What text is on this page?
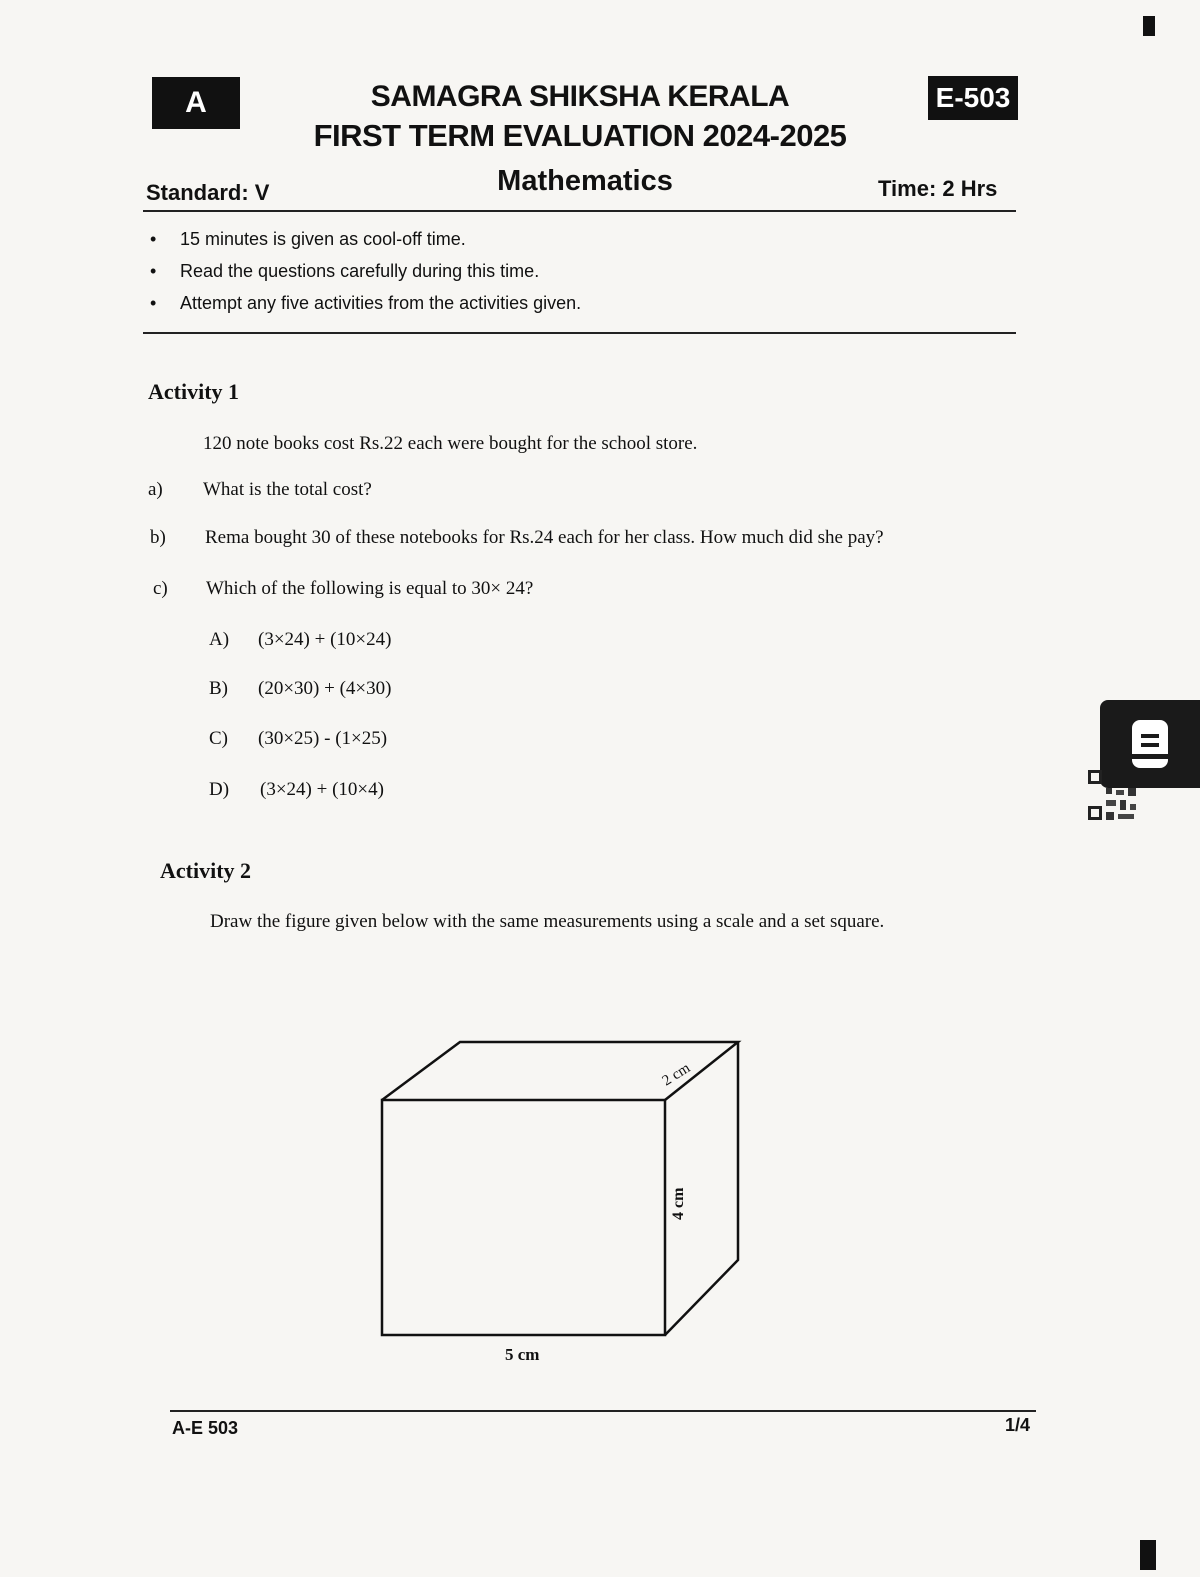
A	SAMAGRA SHIKSHA KERALA
FIRST TERM EVALUATION 2024-2025
E-503
Standard: V	Mathematics	Time: 2 Hrs
• 15 minutes is given as cool-off time.
• Read the questions carefully during this time.
• Attempt any five activities from the activities given.
Activity 1
120 note books cost Rs.22 each were bought for the school store.
a) What is the total cost?
b) Rema bought 30 of these notebooks for Rs.24 each for her class. How much did she pay?
c) Which of the following is equal to 30× 24?
A) (3×24) + (10×24)
B) (20×30) + (4×30)
C) (30×25) - (1×25)
D) (3×24) + (10×4)
Activity 2
Draw the figure given below with the same measurements using a scale and a set square.
2 cm
4 cm
5 cm
A-E 503	1/4
